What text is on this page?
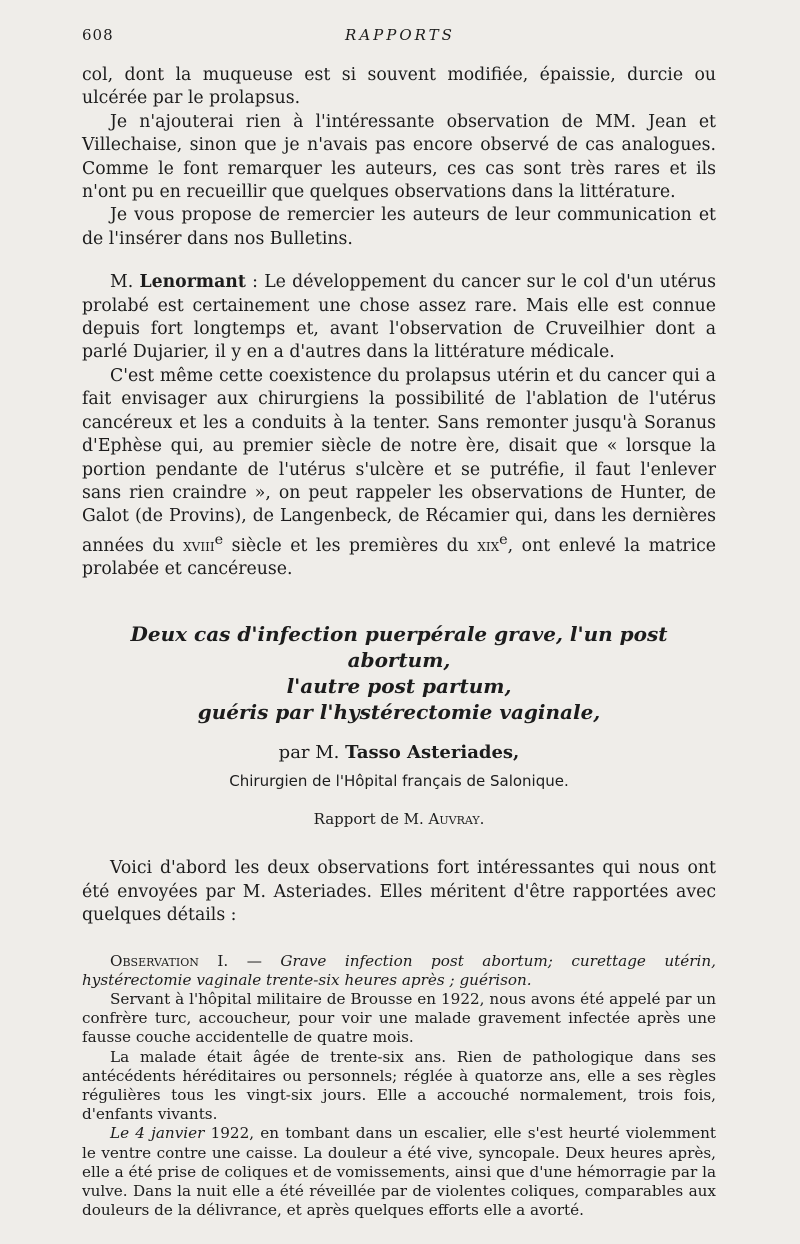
608	RAPPORTS

col, dont la muqueuse est si souvent modifiée, épaissie, durcie ou ulcérée par le prolapsus.

Je n'ajouterai rien à l'intéressante observation de MM. Jean et Villechaise, sinon que je n'avais pas encore observé de cas analogues. Comme le font remarquer les auteurs, ces cas sont très rares et ils n'ont pu en recueillir que quelques observations dans la littérature.

Je vous propose de remercier les auteurs de leur communication et de l'insérer dans nos Bulletins.

M. Lenormant : Le développement du cancer sur le col d'un utérus prolabé est certainement une chose assez rare. Mais elle est connue depuis fort longtemps et, avant l'observation de Cruveilhier dont a parlé Dujarier, il y en a d'autres dans la littérature médicale.

C'est même cette coexistence du prolapsus utérin et du cancer qui a fait envisager aux chirurgiens la possibilité de l'ablation de l'utérus cancéreux et les a conduits à la tenter. Sans remonter jusqu'à Soranus d'Ephèse qui, au premier siècle de notre ère, disait que « lorsque la portion pendante de l'utérus s'ulcère et se putréfie, il faut l'enlever sans rien craindre », on peut rappeler les observations de Hunter, de Galot (de Provins), de Langenbeck, de Récamier qui, dans les dernières années du xviii$^e$ siècle et les premières du xix$^e$, ont enlevé la matrice prolabée et cancéreuse.

Deux cas d'infection puerpérale grave, l'un post abortum,
l'autre post partum,
guéris par l'hystérectomie vaginale,
par M. Tasso Asteriades,
Chirurgien de l'Hôpital français de Salonique.
Rapport de M. Auvray.

Voici d'abord les deux observations fort intéressantes qui nous ont été envoyées par M. Asteriades. Elles méritent d'être rapportées avec quelques détails :

Observation I. — Grave infection post abortum; curettage utérin, hystérectomie vaginale trente-six heures après ; guérison.

Servant à l'hôpital militaire de Brousse en 1922, nous avons été appelé par un confrère turc, accoucheur, pour voir une malade gravement infectée après une fausse couche accidentelle de quatre mois.

La malade était âgée de trente-six ans. Rien de pathologique dans ses antécédents héréditaires ou personnels; réglée à quatorze ans, elle a ses règles régulières tous les vingt-six jours. Elle a accouché normalement, trois fois, d'enfants vivants.

Le 4 janvier 1922, en tombant dans un escalier, elle s'est heurté violemment le ventre contre une caisse. La douleur a été vive, syncopale. Deux heures après, elle a été prise de coliques et de vomissements, ainsi que d'une hémorragie par la vulve. Dans la nuit elle a été réveillée par de violentes coliques, comparables aux douleurs de la délivrance, et après quelques efforts elle a avorté.
